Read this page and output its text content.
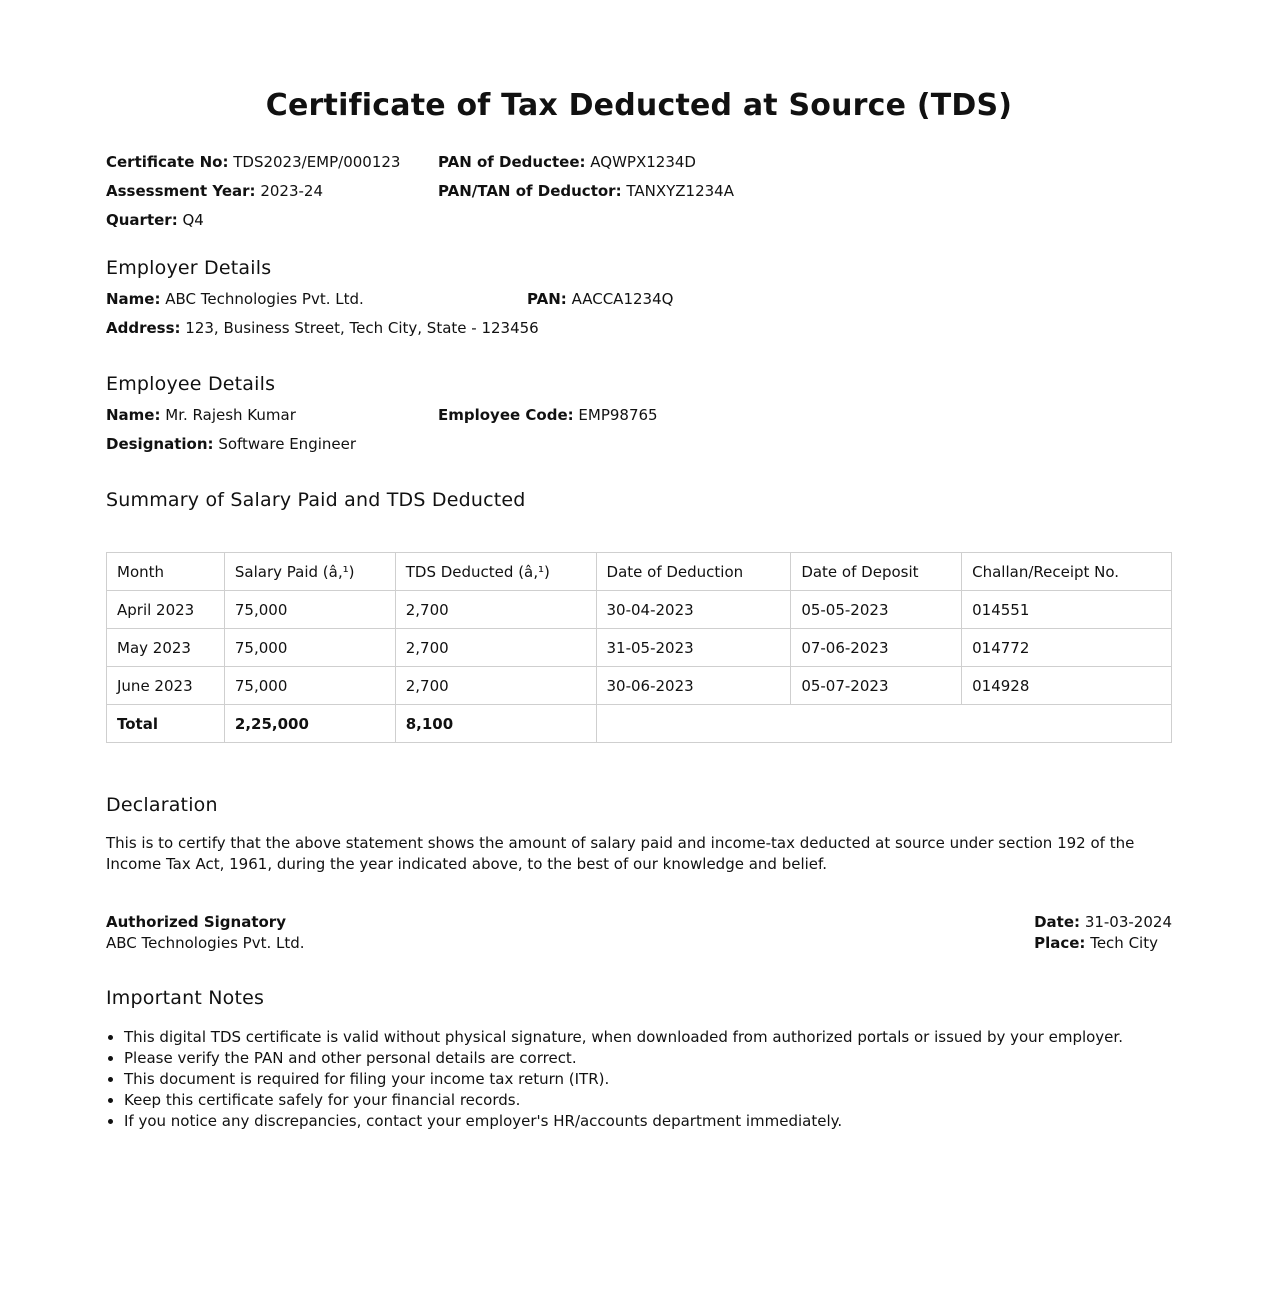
Certificate of Tax Deducted at Source (TDS)
Certificate No: TDS2023/EMP/000123
Assessment Year: 2023-24
Quarter: Q4
PAN of Deductee: AQWPX1234D
PAN/TAN of Deductor: TANXYZ1234A
Employer Details
Name: ABC Technologies Pvt. Ltd.	PAN: AACCA1234Q
Address: 123, Business Street, Tech City, State - 123456
Employee Details
Name: Mr. Rajesh Kumar	Employee Code: EMP98765
Designation: Software Engineer
Summary of Salary Paid and TDS Deducted
Month	Salary Paid (â‚¹)	TDS Deducted (â‚¹)	Date of Deduction	Date of Deposit	Challan/Receipt No.
April 2023	75,000	2,700	30-04-2023	05-05-2023	014551
May 2023	75,000	2,700	31-05-2023	07-06-2023	014772
June 2023	75,000	2,700	30-06-2023	05-07-2023	014928
Total	2,25,000	8,100			
Declaration

This is to certify that the above statement shows the amount of salary paid and income-tax deducted at source under section 192 of the Income Tax Act, 1961, during the year indicated above, to the best of our knowledge and belief.

Authorized Signatory
ABC Technologies Pvt. Ltd.
Date: 31-03-2024
Place: Tech City
Important Notes
• This digital TDS certificate is valid without physical signature, when downloaded from authorized portals or issued by your employer.
• Please verify the PAN and other personal details are correct.
• This document is required for filing your income tax return (ITR).
• Keep this certificate safely for your financial records.
• If you notice any discrepancies, contact your employer's HR/accounts department immediately.
